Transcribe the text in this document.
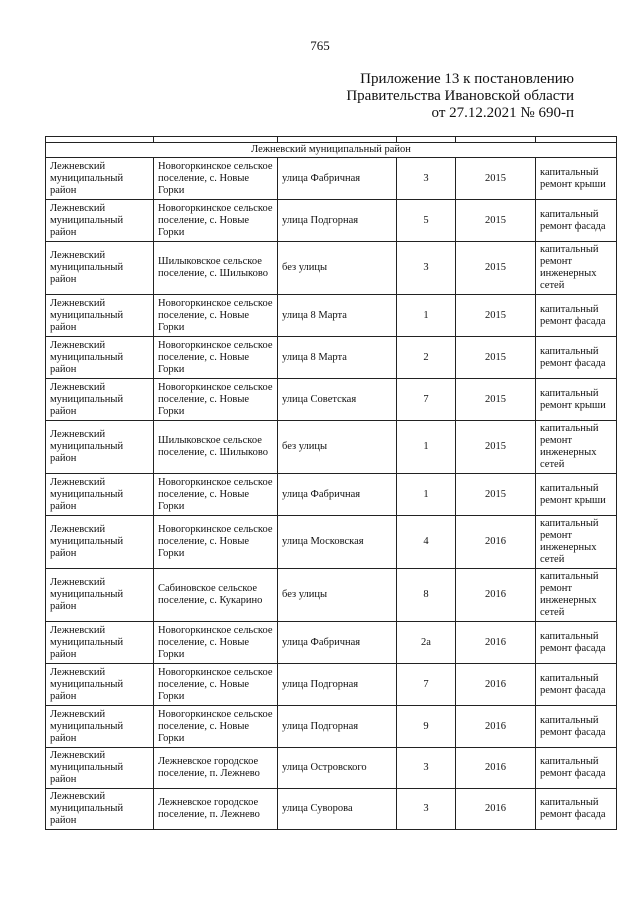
765
Приложение 13 к постановлению
Правительства Ивановской области
от 27.12.2021 № 690-п

Лежневский муниципальный район					
Лежневский муниципальный район	Новогоркинское сельское поселение, с. Новые Горки	улица Фабричная	3	2015	капитальный ремонт крыши
Лежневский муниципальный район	Новогоркинское сельское поселение, с. Новые Горки	улица Подгорная	5	2015	капитальный ремонт фасада
Лежневский муниципальный район	Шилыковское сельское поселение, с. Шилыково	без улицы	3	2015	капитальный ремонт инженерных сетей
Лежневский муниципальный район	Новогоркинское сельское поселение, с. Новые Горки	улица 8 Марта	1	2015	капитальный ремонт фасада
Лежневский муниципальный район	Новогоркинское сельское поселение, с. Новые Горки	улица 8 Марта	2	2015	капитальный ремонт фасада
Лежневский муниципальный район	Новогоркинское сельское поселение, с. Новые Горки	улица Советская	7	2015	капитальный ремонт крыши
Лежневский муниципальный район	Шилыковское сельское поселение, с. Шилыково	без улицы	1	2015	капитальный ремонт инженерных сетей
Лежневский муниципальный район	Новогоркинское сельское поселение, с. Новые Горки	улица Фабричная	1	2015	капитальный ремонт крыши
Лежневский муниципальный район	Новогоркинское сельское поселение, с. Новые Горки	улица Московская	4	2016	капитальный ремонт инженерных сетей
Лежневский муниципальный район	Сабиновское сельское поселение, с. Кукарино	без улицы	8	2016	капитальный ремонт инженерных сетей
Лежневский муниципальный район	Новогоркинское сельское поселение, с. Новые Горки	улица Фабричная	2а	2016	капитальный ремонт фасада
Лежневский муниципальный район	Новогоркинское сельское поселение, с. Новые Горки	улица Подгорная	7	2016	капитальный ремонт фасада
Лежневский муниципальный район	Новогоркинское сельское поселение, с. Новые Горки	улица Подгорная	9	2016	капитальный ремонт фасада
Лежневский муниципальный район	Лежневское городское поселение, п. Лежнево	улица Островского	3	2016	капитальный ремонт фасада
Лежневский муниципальный район	Лежневское городское поселение, п. Лежнево	улица Суворова	3	2016	капитальный ремонт фасада
